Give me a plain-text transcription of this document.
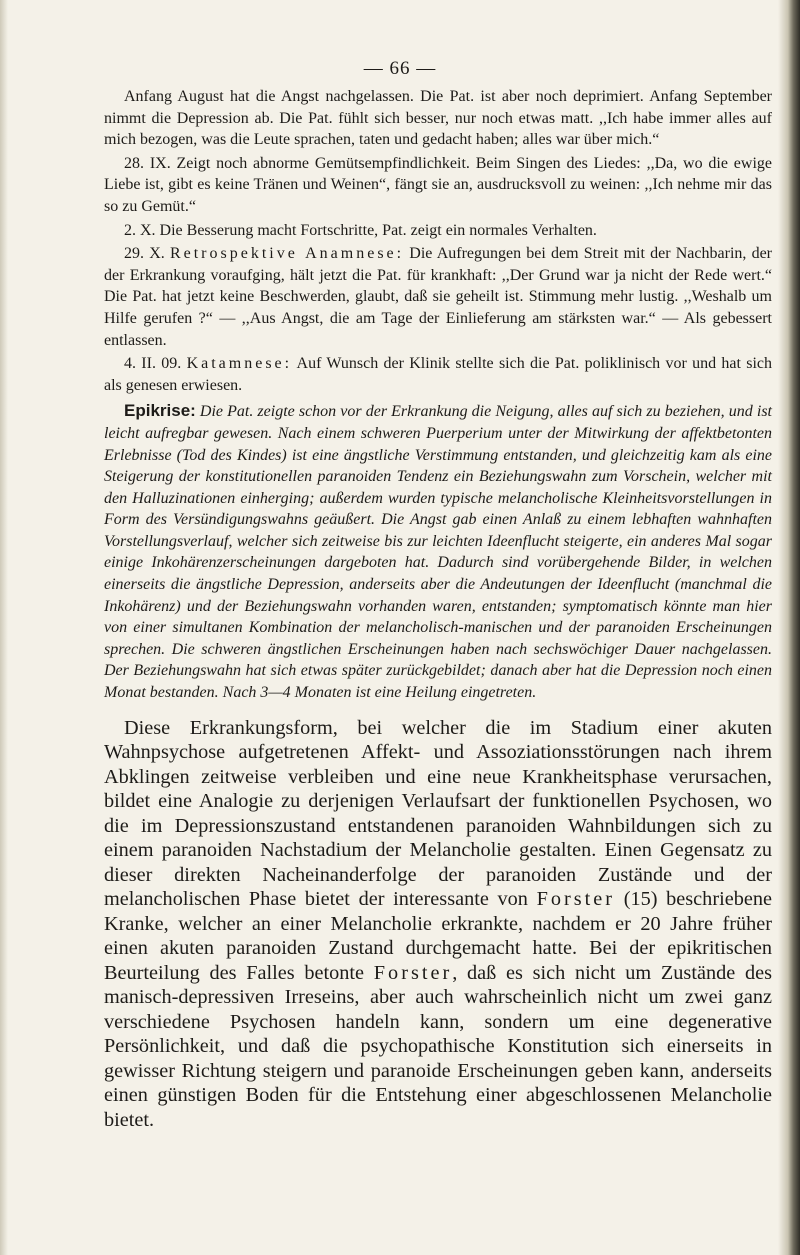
— 66 —

Anfang August hat die Angst nachgelassen. Die Pat. ist aber noch deprimiert. Anfang September nimmt die Depression ab. Die Pat. fühlt sich besser, nur noch etwas matt. ,,Ich habe immer alles auf mich bezogen, was die Leute sprachen, taten und gedacht haben; alles war über mich.“

28. IX. Zeigt noch abnorme Gemütsempfindlichkeit. Beim Singen des Liedes: ,,Da, wo die ewige Liebe ist, gibt es keine Tränen und Weinen“, fängt sie an, ausdrucksvoll zu weinen: ,,Ich nehme mir das so zu Gemüt.“

2. X. Die Besserung macht Fortschritte, Pat. zeigt ein normales Verhalten.

29. X. Retrospektive Anamnese: Die Aufregungen bei dem Streit mit der Nachbarin, der der Erkrankung voraufging, hält jetzt die Pat. für krankhaft: ,,Der Grund war ja nicht der Rede wert.“ Die Pat. hat jetzt keine Beschwerden, glaubt, daß sie geheilt ist. Stimmung mehr lustig. ,,Weshalb um Hilfe gerufen ?“ — ,,Aus Angst, die am Tage der Einlieferung am stärksten war.“ — Als gebessert entlassen.

4. II. 09. Katamnese: Auf Wunsch der Klinik stellte sich die Pat. poliklinisch vor und hat sich als genesen erwiesen.

Epikrise: Die Pat. zeigte schon vor der Erkrankung die Neigung, alles auf sich zu beziehen, und ist leicht aufregbar gewesen. Nach einem schweren Puerperium unter der Mitwirkung der affektbetonten Erlebnisse (Tod des Kindes) ist eine ängstliche Verstimmung entstanden, und gleichzeitig kam als eine Steigerung der konstitutionellen paranoiden Tendenz ein Beziehungswahn zum Vorschein, welcher mit den Halluzinationen einherging; außerdem wurden typische melancholische Kleinheitsvorstellungen in Form des Versündigungswahns geäußert. Die Angst gab einen Anlaß zu einem lebhaften wahnhaften Vorstellungsverlauf, welcher sich zeitweise bis zur leichten Ideenflucht steigerte, ein anderes Mal sogar einige Inkohärenzerscheinungen dargeboten hat. Dadurch sind vorübergehende Bilder, in welchen einerseits die ängstliche Depression, anderseits aber die Andeutungen der Ideenflucht (manchmal die Inkohärenz) und der Beziehungswahn vorhanden waren, entstanden; symptomatisch könnte man hier von einer simultanen Kombination der melancholisch-manischen und der paranoiden Erscheinungen sprechen. Die schweren ängstlichen Erscheinungen haben nach sechswöchiger Dauer nachgelassen. Der Beziehungswahn hat sich etwas später zurückgebildet; danach aber hat die Depression noch einen Monat bestanden. Nach 3—4 Monaten ist eine Heilung eingetreten.

Diese Erkrankungsform, bei welcher die im Stadium einer akuten Wahnpsychose aufgetretenen Affekt- und Assoziationsstörungen nach ihrem Abklingen zeitweise verbleiben und eine neue Krankheitsphase verursachen, bildet eine Analogie zu derjenigen Verlaufsart der funktionellen Psychosen, wo die im Depressionszustand entstandenen paranoiden Wahnbildungen sich zu einem paranoiden Nachstadium der Melancholie gestalten. Einen Gegensatz zu dieser direkten Nacheinanderfolge der paranoiden Zustände und der melancholischen Phase bietet der interessante von Forster (15) beschriebene Kranke, welcher an einer Melancholie erkrankte, nachdem er 20 Jahre früher einen akuten paranoiden Zustand durchgemacht hatte. Bei der epikritischen Beurteilung des Falles betonte Forster, daß es sich nicht um Zustände des manisch-depressiven Irreseins, aber auch wahrscheinlich nicht um zwei ganz verschiedene Psychosen handeln kann, sondern um eine degenerative Persönlichkeit, und daß die psychopathische Konstitution sich einerseits in gewisser Richtung steigern und paranoide Erscheinungen geben kann, anderseits einen günstigen Boden für die Entstehung einer abgeschlossenen Melancholie bietet.
